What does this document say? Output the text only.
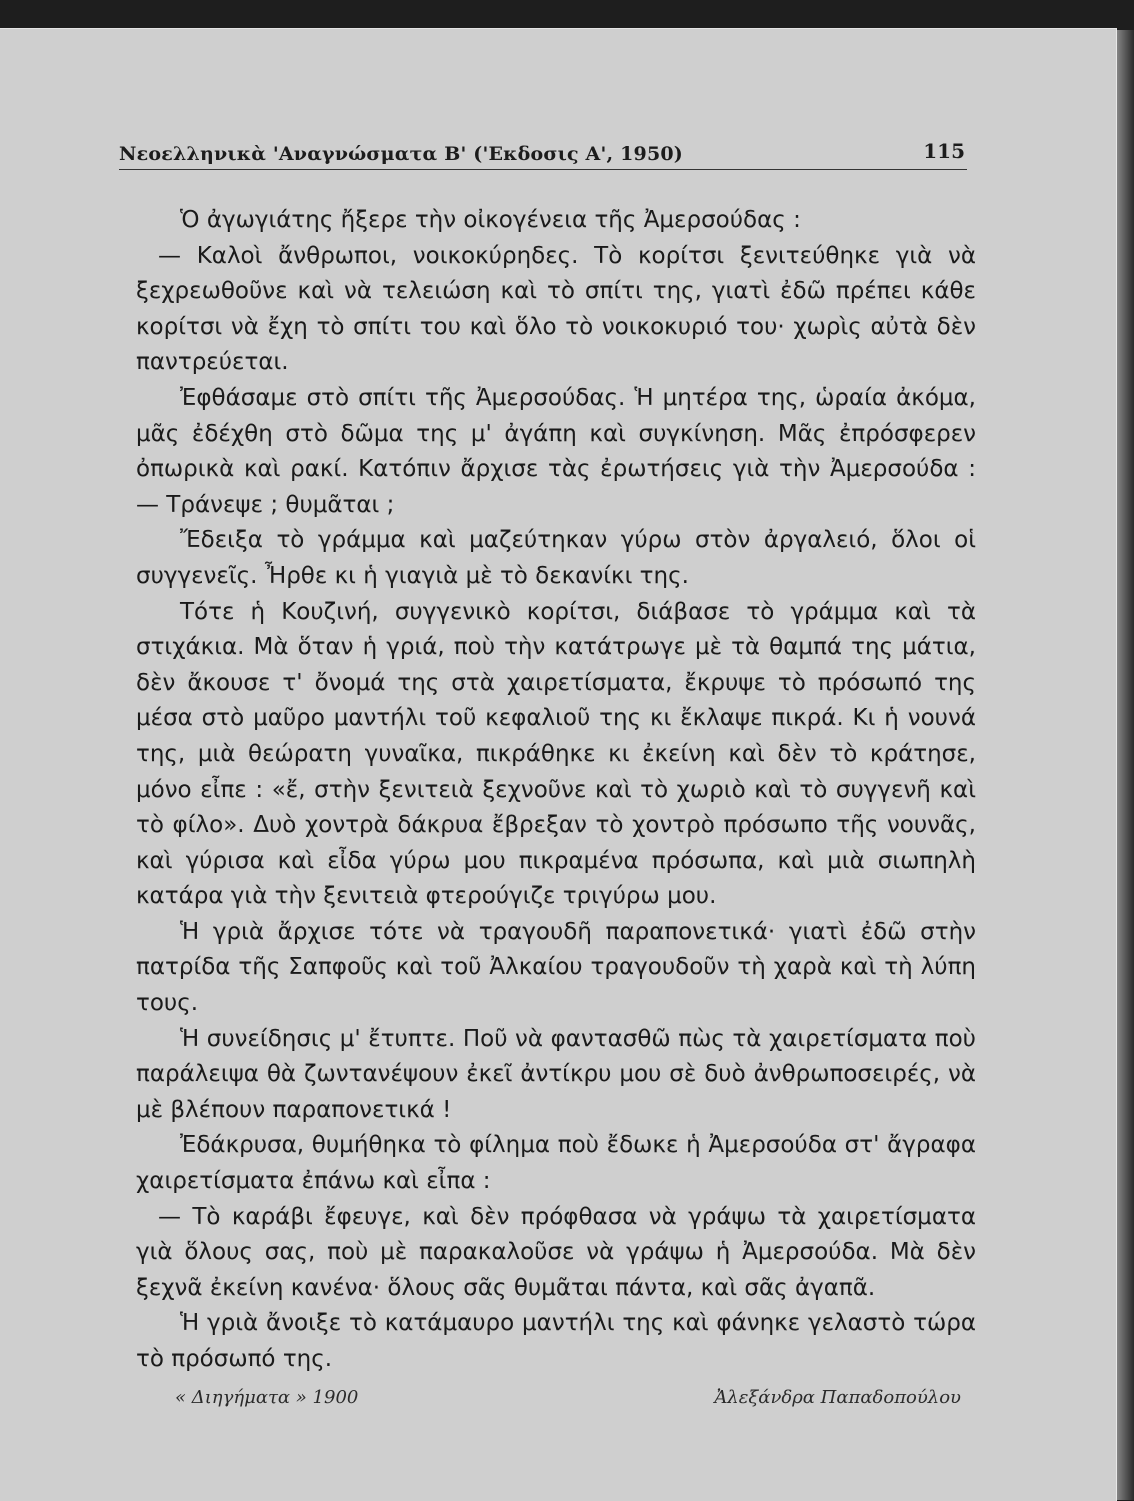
Νεοελληνικὰ 'Αναγνώσματα Β' ('Εκδοσις Α', 1950)	115

Ὁ ἀγωγιάτης ἤξερε τὴν οἰκογένεια τῆς Ἀμερσούδας :

— Καλοὶ ἄνθρωποι, νοικοκύρηδες. Τὸ κορίτσι ξενιτεύθηκε γιὰ νὰ ξεχρεωθοῦνε καὶ νὰ τελειώση καὶ τὸ σπίτι της, γιατὶ ἐδῶ πρέπει κάθε κορίτσι νὰ ἔχη τὸ σπίτι του καὶ ὅλο τὸ νοικοκυριό του· χωρὶς αὐτὰ δὲν παντρεύεται.

Ἐφθάσαμε στὸ σπίτι τῆς Ἀμερσούδας. Ἡ μητέρα της, ὡραία ἀκόμα, μᾶς ἐδέχθη στὸ δῶμα της μ' ἀγάπη καὶ συγκίνηση. Μᾶς ἐπρόσφερεν ὀπωρικὰ καὶ ρακί. Κατόπιν ἄρχισε τὰς ἐρωτήσεις γιὰ τὴν Ἀμερσούδα : — Τράνεψε ; θυμᾶται ;

Ἔδειξα τὸ γράμμα καὶ μαζεύτηκαν γύρω στὸν ἀργαλειό, ὅλοι οἱ συγγενεῖς. Ἦρθε κι ἡ γιαγιὰ μὲ τὸ δεκανίκι της.

Τότε ἡ Κουζινή, συγγενικὸ κορίτσι, διάβασε τὸ γράμμα καὶ τὰ στιχάκια. Μὰ ὅταν ἡ γριά, ποὺ τὴν κατάτρωγε μὲ τὰ θαμπά της μάτια, δὲν ἄκουσε τ' ὄνομά της στὰ χαιρετίσματα, ἔκρυψε τὸ πρόσωπό της μέσα στὸ μαῦρο μαντήλι τοῦ κεφαλιοῦ της κι ἔκλαψε πικρά. Κι ἡ νουνά της, μιὰ θεώρατη γυναῖκα, πικράθηκε κι ἐκείνη καὶ δὲν τὸ κράτησε, μόνο εἶπε : «ἔ, στὴν ξενιτειὰ ξεχνοῦνε καὶ τὸ χωριὸ καὶ τὸ συγγενῆ καὶ τὸ φίλο». Δυὸ χοντρὰ δάκρυα ἔβρεξαν τὸ χοντρὸ πρόσωπο τῆς νουνᾶς, καὶ γύρισα καὶ εἶδα γύρω μου πικραμένα πρόσωπα, καὶ μιὰ σιωπηλὴ κατάρα γιὰ τὴν ξενιτειὰ φτερούγιζε τριγύρω μου.

Ἡ γριὰ ἄρχισε τότε νὰ τραγουδῆ παραπονετικά· γιατὶ ἐδῶ στὴν πατρίδα τῆς Σαπφοῦς καὶ τοῦ Ἀλκαίου τραγουδοῦν τὴ χαρὰ καὶ τὴ λύπη τους.

Ἡ συνείδησις μ' ἔτυπτε. Ποῦ νὰ φαντασθῶ πὼς τὰ χαιρετίσματα ποὺ παράλειψα θὰ ζωντανέψουν ἐκεῖ ἀντίκρυ μου σὲ δυὸ ἀνθρωποσειρές, νὰ μὲ βλέπουν παραπονετικά !

Ἐδάκρυσα, θυμήθηκα τὸ φίλημα ποὺ ἔδωκε ἡ Ἀμερσούδα στ' ἄγραφα χαιρετίσματα ἐπάνω καὶ εἶπα :

— Τὸ καράβι ἔφευγε, καὶ δὲν πρόφθασα νὰ γράψω τὰ χαιρετίσματα γιὰ ὅλους σας, ποὺ μὲ παρακαλοῦσε νὰ γράψω ἡ Ἀμερσούδα. Μὰ δὲν ξεχνᾶ ἐκείνη κανένα· ὅλους σᾶς θυμᾶται πάντα, καὶ σᾶς ἀγαπᾶ.

Ἡ γριὰ ἄνοιξε τὸ κατάμαυρο μαντήλι της καὶ φάνηκε γελαστὸ τώρα τὸ πρόσωπό της.

« Διηγήματα » 1900	Ἀλεξάνδρα Παπαδοπούλου
